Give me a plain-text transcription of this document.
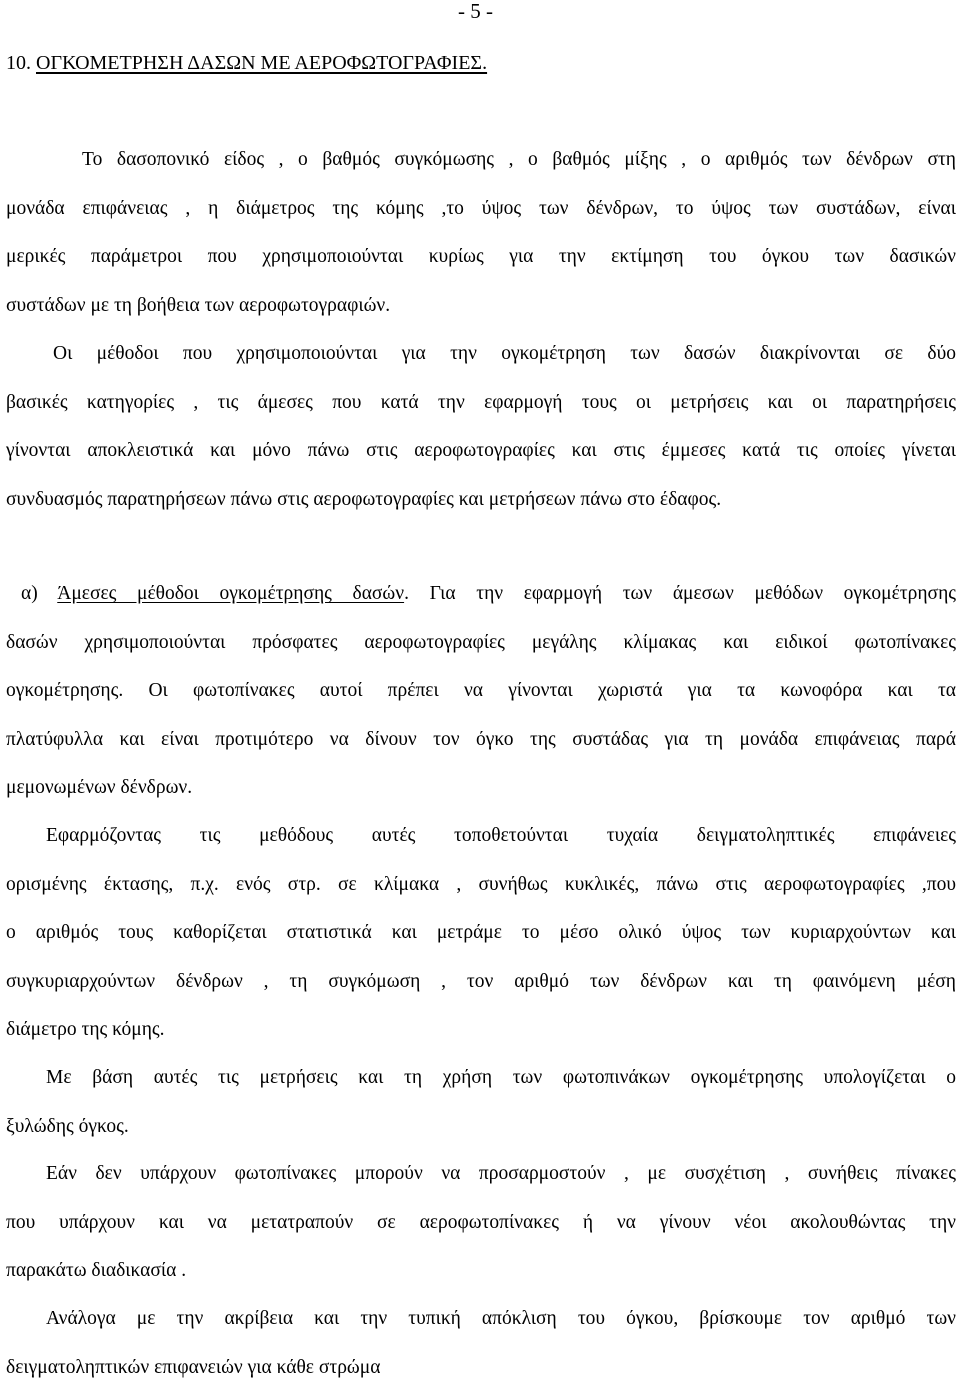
- 5 -
10. ΟΓΚΟΜΕΤΡΗΣΗ ΔΑΣΩΝ ΜΕ ΑΕΡΟΦΩΤΟΓΡΑΦΙΕΣ.
Το δασοπονικό είδος , ο βαθμός συγκόμωσης , ο βαθμός μίξης , ο αριθμός των δένδρων στη
μονάδα επιφάνειας , η διάμετρος της κόμης ,το ύψος των δένδρων, το ύψος των συστάδων, είναι
μερικές παράμετροι που χρησιμοποιούνται κυρίως για την εκτίμηση του όγκου των δασικών
συστάδων με τη βοήθεια των αεροφωτογραφιών.
Οι μέθοδοι που χρησιμοποιούνται για την ογκομέτρηση των δασών διακρίνονται σε δύο
βασικές κατηγορίες , τις άμεσες που κατά την εφαρμογή τους οι μετρήσεις και οι παρατηρήσεις
γίνονται αποκλειστικά και μόνο πάνω στις αεροφωτογραφίες και στις έμμεσες κατά τις οποίες γίνεται
συνδυασμός παρατηρήσεων πάνω στις αεροφωτογραφίες και μετρήσεων πάνω στο έδαφος.
α) Άμεσες μέθοδοι ογκομέτρησης δασών. Για την εφαρμογή των άμεσων μεθόδων ογκομέτρησης
δασών χρησιμοποιούνται πρόσφατες αεροφωτογραφίες μεγάλης κλίμακας και ειδικοί φωτοπίνακες
ογκομέτρησης. Οι φωτοπίνακες αυτοί πρέπει να γίνονται χωριστά για τα κωνοφόρα και τα
πλατύφυλλα και είναι προτιμότερο να δίνουν τον όγκο της συστάδας για τη μονάδα επιφάνειας παρά
μεμονωμένων δένδρων.
Εφαρμόζοντας τις μεθόδους αυτές τοποθετούνται τυχαία δειγματοληπτικές επιφάνειες
ορισμένης έκτασης, π.χ. ενός στρ. σε κλίμακα , συνήθως κυκλικές, πάνω στις αεροφωτογραφίες ,που
ο αριθμός τους καθορίζεται στατιστικά και μετράμε το μέσο ολικό ύψος των κυριαρχούντων και
συγκυριαρχούντων δένδρων , τη συγκόμωση , τον αριθμό των δένδρων και τη φαινόμενη μέση
διάμετρο της κόμης.
Με βάση αυτές τις μετρήσεις και τη χρήση των φωτοπινάκων ογκομέτρησης υπολογίζεται ο
ξυλώδης όγκος.
Εάν δεν υπάρχουν φωτοπίνακες μπορούν να προσαρμοστούν , με συσχέτιση , συνήθεις πίνακες
που υπάρχουν και να μετατραπούν σε αεροφωτοπίνακες ή να γίνουν νέοι ακολουθώντας την
παρακάτω διαδικασία .
Ανάλογα με την ακρίβεια και την τυπική απόκλιση του όγκου, βρίσκουμε τον αριθμό των
δειγματοληπτικών επιφανειών για κάθε στρώμα
